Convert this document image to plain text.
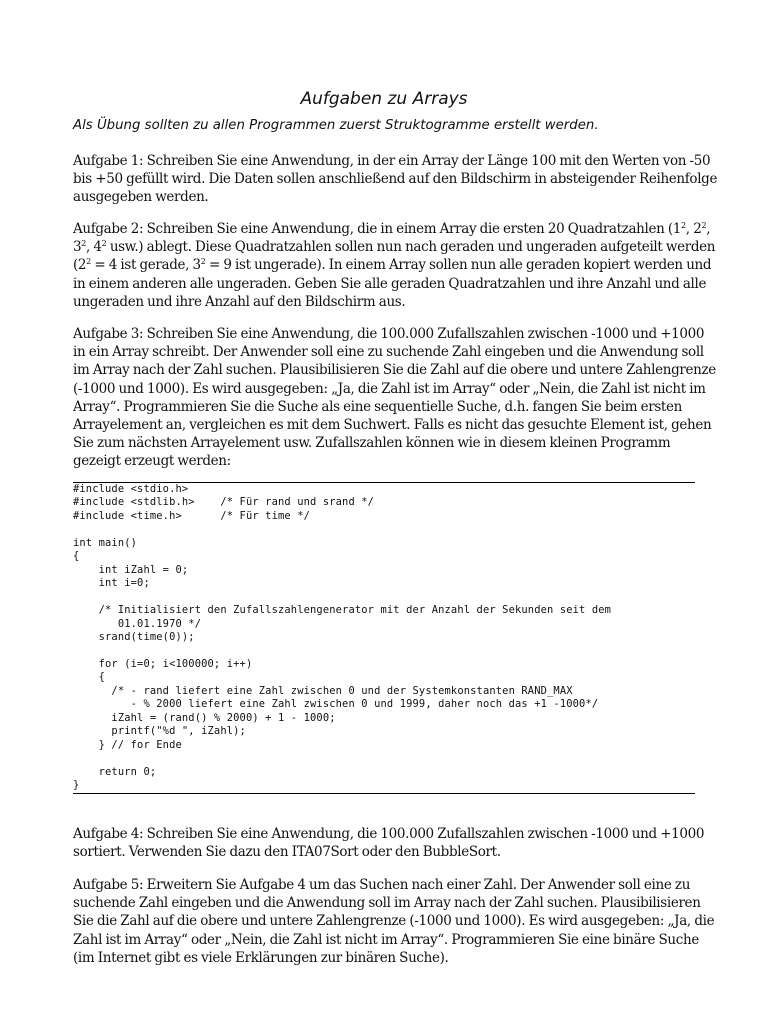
Aufgaben zu Arrays
Als Übung sollten zu allen Programmen zuerst Struktogramme erstellt werden.
Aufgabe 1: Schreiben Sie eine Anwendung, in der ein Array der Länge 100 mit den Werten von -50
bis +50 gefüllt wird. Die Daten sollen anschließend auf den Bildschirm in absteigender Reihenfolge
ausgegeben werden.
Aufgabe 2: Schreiben Sie eine Anwendung, die in einem Array die ersten 20 Quadratzahlen ($1^2$, $2^2$,
$3^2$, $4^2$ usw.) ablegt. Diese Quadratzahlen sollen nun nach geraden und ungeraden aufgeteilt werden
($2^2 = 4$ ist gerade, $3^2 = 9$ ist ungerade). In einem Array sollen nun alle geraden kopiert werden und
in einem anderen alle ungeraden. Geben Sie alle geraden Quadratzahlen und ihre Anzahl und alle
ungeraden und ihre Anzahl auf den Bildschirm aus.
Aufgabe 3: Schreiben Sie eine Anwendung, die 100.000 Zufallszahlen zwischen -1000 und +1000
in ein Array schreibt. Der Anwender soll eine zu suchende Zahl eingeben und die Anwendung soll
im Array nach der Zahl suchen. Plausibilisieren Sie die Zahl auf die obere und untere Zahlengrenze
(-1000 und 1000). Es wird ausgegeben: „Ja, die Zahl ist im Array“ oder „Nein, die Zahl ist nicht im
Array“. Programmieren Sie die Suche als eine sequentielle Suche, d.h. fangen Sie beim ersten
Arrayelement an, vergleichen es mit dem Suchwert. Falls es nicht das gesuchte Element ist, gehen
Sie zum nächsten Arrayelement usw. Zufallszahlen können wie in diesem kleinen Programm
gezeigt erzeugt werden:
#include <stdio.h>
#include <stdlib.h>    /* Für rand und srand */
#include <time.h>      /* Für time */

int main()
{
int iZahl = 0;
int i=0;

/* Initialisiert den Zufallszahlengenerator mit der Anzahl der Sekunden seit dem
01.01.1970 */
srand(time(0));

for (i=0; i<100000; i++)
{
/* - rand liefert eine Zahl zwischen 0 und der Systemkonstanten RAND_MAX
- % 2000 liefert eine Zahl zwischen 0 und 1999, daher noch das +1 -1000*/
iZahl = (rand() % 2000) + 1 - 1000;
printf("%d ", iZahl);
} // for Ende

return 0;
}
Aufgabe 4: Schreiben Sie eine Anwendung, die 100.000 Zufallszahlen zwischen -1000 und +1000
sortiert. Verwenden Sie dazu den ITA07Sort oder den BubbleSort.
Aufgabe 5: Erweitern Sie Aufgabe 4 um das Suchen nach einer Zahl. Der Anwender soll eine zu
suchende Zahl eingeben und die Anwendung soll im Array nach der Zahl suchen. Plausibilisieren
Sie die Zahl auf die obere und untere Zahlengrenze (-1000 und 1000). Es wird ausgegeben: „Ja, die
Zahl ist im Array“ oder „Nein, die Zahl ist nicht im Array“. Programmieren Sie eine binäre Suche
(im Internet gibt es viele Erklärungen zur binären Suche).
